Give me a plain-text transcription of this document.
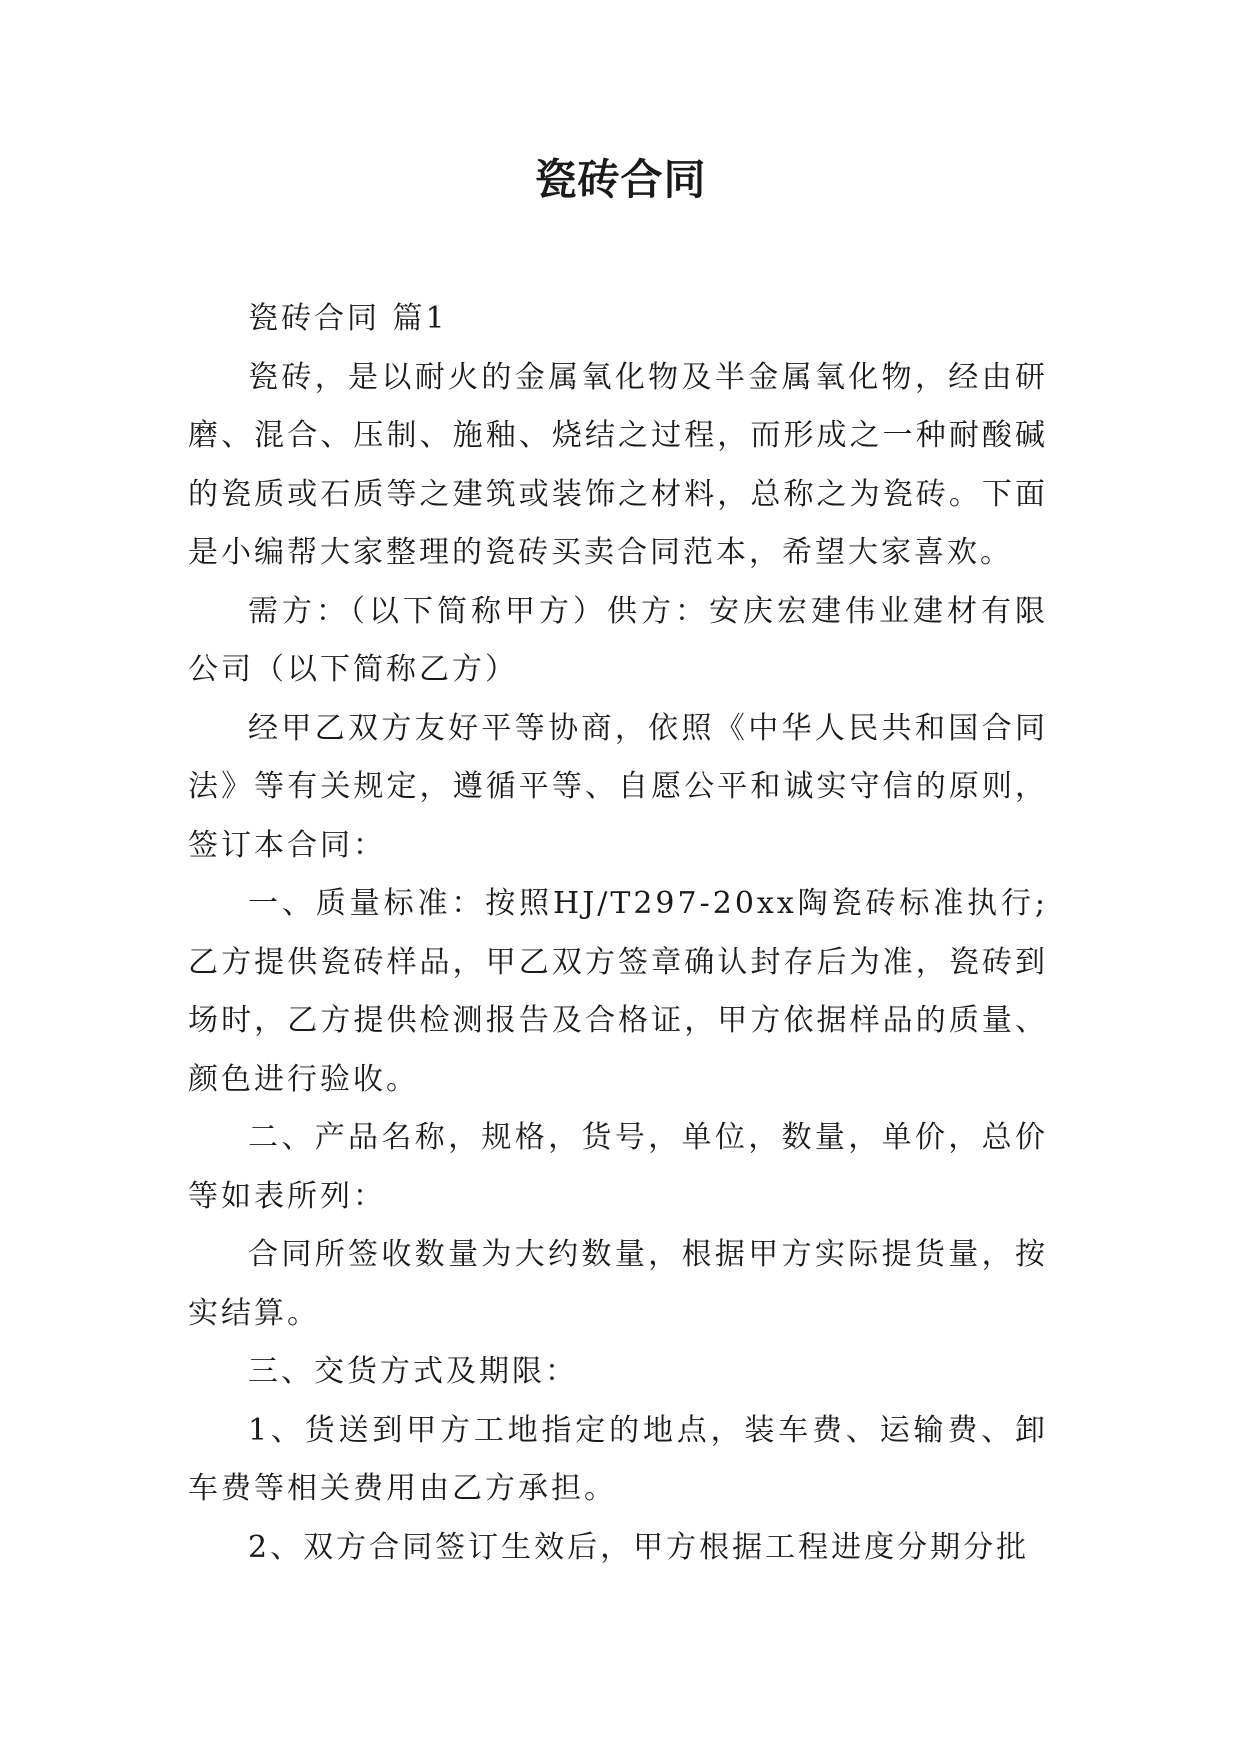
瓷砖合同

瓷砖合同 篇1

瓷砖，是以耐火的金属氧化物及半金属氧化物，经由研磨、混合、压制、施釉、烧结之过程，而形成之一种耐酸碱的瓷质或石质等之建筑或装饰之材料，总称之为瓷砖。下面是小编帮大家整理的瓷砖买卖合同范本，希望大家喜欢。

需方：（以下简称甲方）供方：安庆宏建伟业建材有限公司（以下简称乙方）

经甲乙双方友好平等协商，依照《中华人民共和国合同法》等有关规定，遵循平等、自愿公平和诚实守信的原则，签订本合同：

一、质量标准：按照HJ/T297-20xx陶瓷砖标准执行;乙方提供瓷砖样品，甲乙双方签章确认封存后为准，瓷砖到场时，乙方提供检测报告及合格证，甲方依据样品的质量、颜色进行验收。

二、产品名称，规格，货号，单位，数量，单价，总价等如表所列：

合同所签收数量为大约数量，根据甲方实际提货量，按实结算。

三、交货方式及期限：

1、货送到甲方工地指定的地点，装车费、运输费、卸车费等相关费用由乙方承担。

2、双方合同签订生效后，甲方根据工程进度分期分批
